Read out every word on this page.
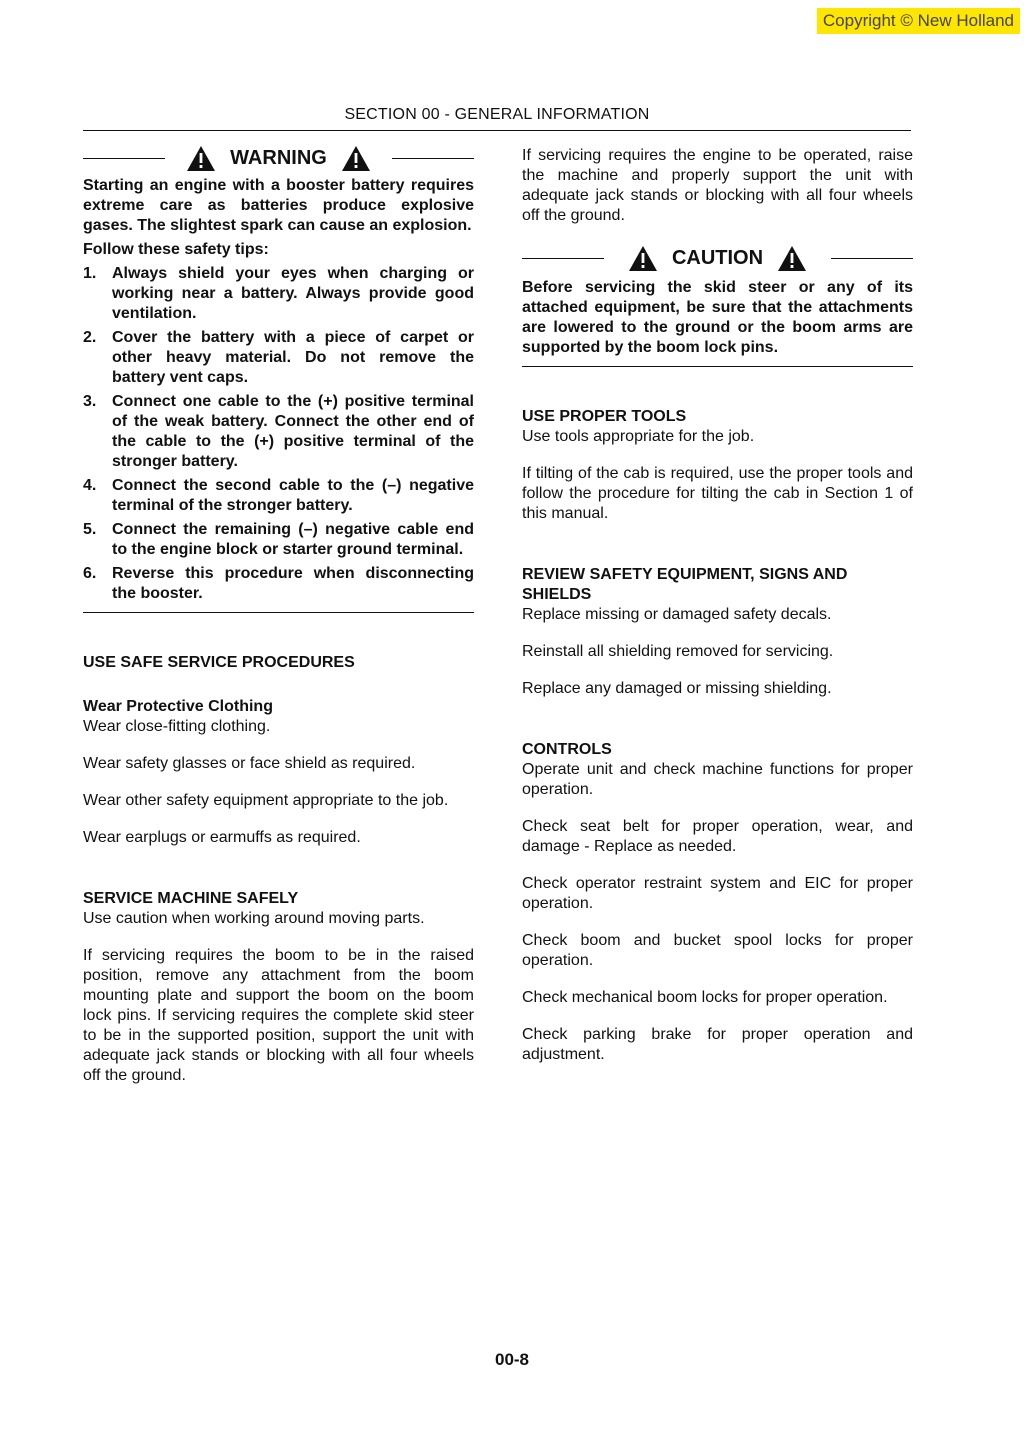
Copyright © New Holland
SECTION 00 - GENERAL INFORMATION
WARNING

Starting an engine with a booster battery requires extreme care as batteries produce explosive gases. The slightest spark can cause an explosion.

Follow these safety tips:

1. Always shield your eyes when charging or working near a battery. Always provide good ventilation.
2. Cover the battery with a piece of carpet or other heavy material. Do not remove the battery vent caps.
3. Connect one cable to the (+) positive terminal of the weak battery. Connect the other end of the cable to the (+) positive terminal of the stronger battery.
4. Connect the second cable to the (–) negative terminal of the stronger battery.
5. Connect the remaining (–) negative cable end to the engine block or starter ground terminal.
6. Reverse this procedure when disconnecting the booster.
USE SAFE SERVICE PROCEDURES
Wear Protective Clothing

Wear close-fitting clothing.

Wear safety glasses or face shield as required.

Wear other safety equipment appropriate to the job.

Wear earplugs or earmuffs as required.

SERVICE MACHINE SAFELY

Use caution when working around moving parts.

If servicing requires the boom to be in the raised position, remove any attachment from the boom mounting plate and support the boom on the boom lock pins. If servicing requires the complete skid steer to be in the supported position, support the unit with adequate jack stands or blocking with all four wheels off the ground.

If servicing requires the engine to be operated, raise the machine and properly support the unit with adequate jack stands or blocking with all four wheels off the ground.

CAUTION

Before servicing the skid steer or any of its attached equipment, be sure that the attachments are lowered to the ground or the boom arms are supported by the boom lock pins.

USE PROPER TOOLS

Use tools appropriate for the job.

If tilting of the cab is required, use the proper tools and follow the procedure for tilting the cab in Section 1 of this manual.

REVIEW SAFETY EQUIPMENT, SIGNS AND SHIELDS

Replace missing or damaged safety decals.

Reinstall all shielding removed for servicing.

Replace any damaged or missing shielding.

CONTROLS

Operate unit and check machine functions for proper operation.

Check seat belt for proper operation, wear, and damage - Replace as needed.

Check operator restraint system and EIC for proper operation.

Check boom and bucket spool locks for proper operation.

Check mechanical boom locks for proper operation.

Check parking brake for proper operation and adjustment.

00-8
